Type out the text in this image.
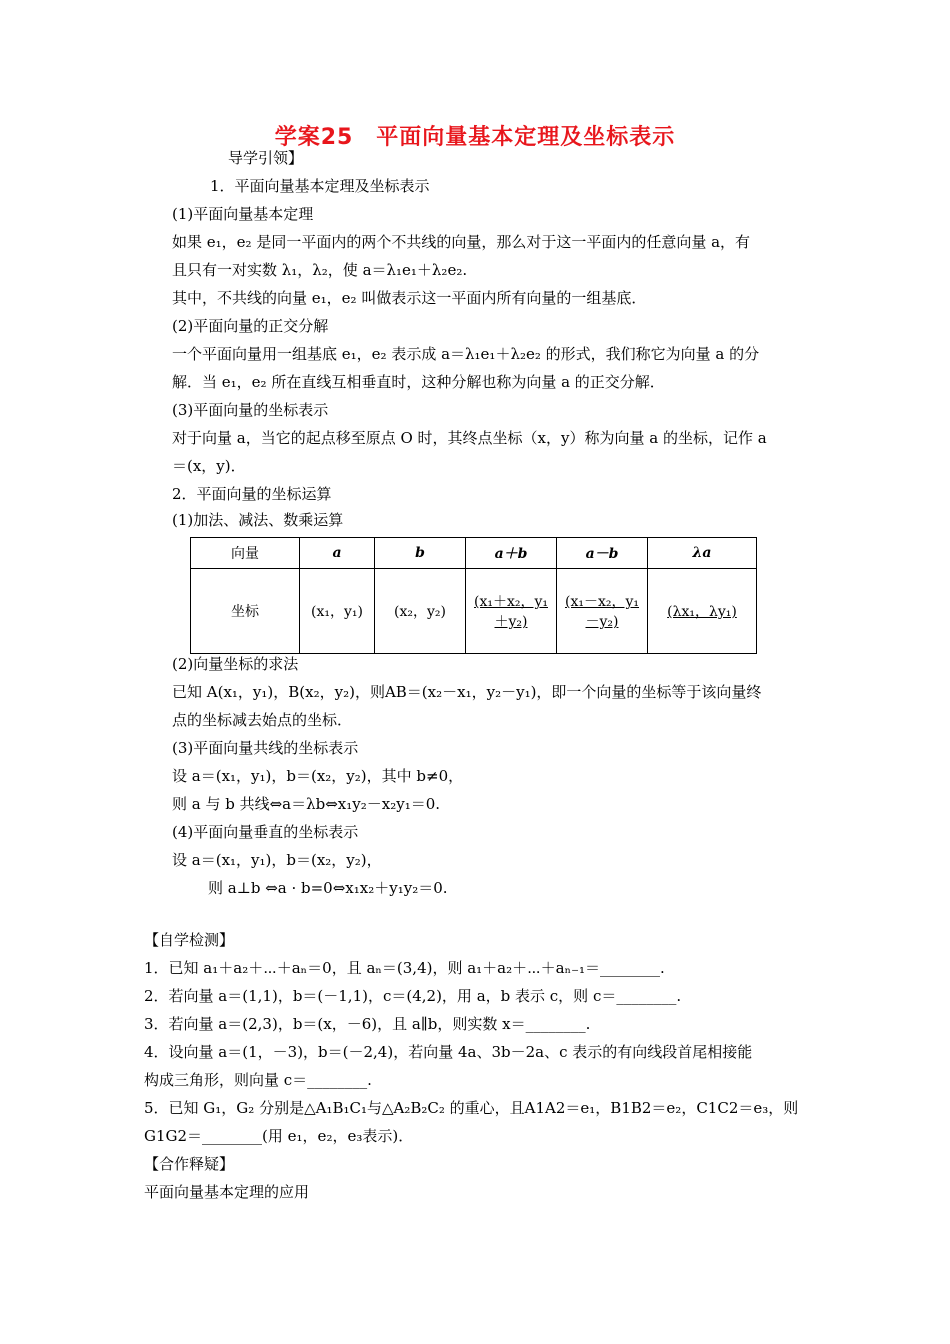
学案25　平面向量基本定理及坐标表示
导学引领】
1．平面向量基本定理及坐标表示
(1)平面向量基本定理
如果 e₁，e₂ 是同一平面内的两个不共线的向量，那么对于这一平面内的任意向量 a，有
且只有一对实数 λ₁，λ₂，使 a＝λ₁e₁＋λ₂e₂.
其中，不共线的向量 e₁，e₂ 叫做表示这一平面内所有向量的一组基底．
(2)平面向量的正交分解
一个平面向量用一组基底 e₁，e₂ 表示成 a＝λ₁e₁＋λ₂e₂ 的形式，我们称它为向量 a 的分
解．当 e₁，e₂ 所在直线互相垂直时，这种分解也称为向量 a 的正交分解．
(3)平面向量的坐标表示
对于向量 a，当它的起点移至原点 O 时，其终点坐标（x，y）称为向量 a 的坐标，记作 a
＝(x，y)．
2．平面向量的坐标运算
(1)加法、减法、数乘运算
向量	a	b	a＋b	a－b	λa
坐标	(x₁，y₁)	(x₂，y₂)	(x₁＋x₂，y₁＋y₂)	(x₁－x₂，y₁－y₂)	(λx₁，λy₁)
(2)向量坐标的求法
已知 A(x₁，y₁)，B(x₂，y₂)，则AB＝(x₂－x₁，y₂－y₁)，即一个向量的坐标等于该向量终
点的坐标减去始点的坐标．
(3)平面向量共线的坐标表示
设 a＝(x₁，y₁)，b＝(x₂，y₂)，其中 b≠0，
则 a 与 b 共线⇔a＝λb⇔x₁y₂－x₂y₁＝0.
(4)平面向量垂直的坐标表示
设 a＝(x₁，y₁)，b＝(x₂，y₂)，
则 a⊥b ⇔a · b=0⇔x₁x₂＋y₁y₂＝0.
【自学检测】
1．已知 a₁＋a₂＋⋯＋aₙ＝0，且 aₙ＝(3,4)，则 a₁＋a₂＋⋯＋aₙ₋₁＝________.
2．若向量 a＝(1,1)，b＝(－1,1)，c＝(4,2)，用 a，b 表示 c，则 c＝________.
3．若向量 a＝(2,3)，b＝(x，－6)，且 a∥b，则实数 x＝________.
4．设向量 a＝(1，－3)，b＝(－2,4)，若向量 4a、3b－2a、c 表示的有向线段首尾相接能
构成三角形，则向量 c＝________.
5．已知 G₁，G₂ 分别是△A₁B₁C₁与△A₂B₂C₂ 的重心，且A1A2＝e₁，B1B2＝e₂，C1C2＝e₃，则
G1G2＝________(用 e₁，e₂，e₃表示)．
【合作释疑】
平面向量基本定理的应用
